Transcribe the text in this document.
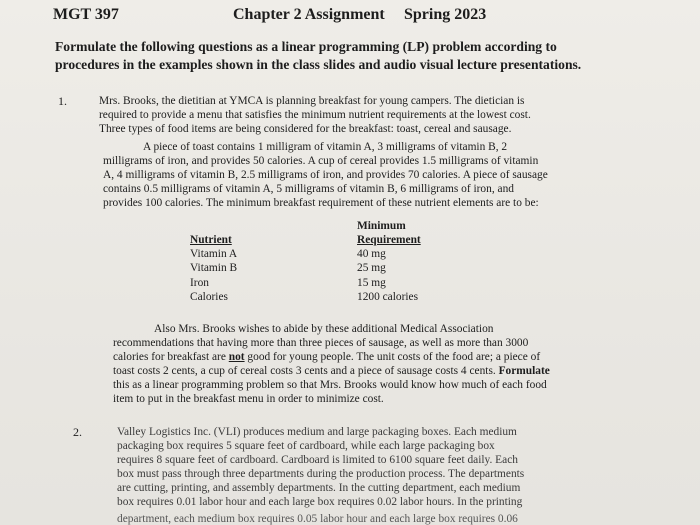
MGT 397	Chapter 2 Assignment Spring 2023
Formulate the following questions as a linear programming (LP) problem according to
procedures in the examples shown in the class slides and audio visual lecture presentations.
1.	Mrs. Brooks, the dietitian at YMCA is planning breakfast for young campers. The dietician is
required to provide a menu that satisfies the minimum nutrient requirements at the lowest cost.
Three types of food items are being considered for the breakfast: toast, cereal and sausage.
A piece of toast contains 1 milligram of vitamin A, 3 milligrams of vitamin B, 2
milligrams of iron, and provides 50 calories. A cup of cereal provides 1.5 milligrams of vitamin
A, 4 milligrams of vitamin B, 2.5 milligrams of iron, and provides 70 calories. A piece of sausage
contains 0.5 milligrams of vitamin A, 5 milligrams of vitamin B, 6 milligrams of iron, and
provides 100 calories. The minimum breakfast requirement of these nutrient elements are to be:
Minimum
Nutrient	Requirement
Vitamin A	40 mg
Vitamin B	25 mg
Iron	15 mg
Calories	1200 calories
Also Mrs. Brooks wishes to abide by these additional Medical Association
recommendations that having more than three pieces of sausage, as well as more than 3000
calories for breakfast are not good for young people. The unit costs of the food are; a piece of
toast costs 2 cents, a cup of cereal costs 3 cents and a piece of sausage costs 4 cents. Formulate
this as a linear programming problem so that Mrs. Brooks would know how much of each food
item to put in the breakfast menu in order to minimize cost.
2.	Valley Logistics Inc. (VLI) produces medium and large packaging boxes. Each medium
packaging box requires 5 square feet of cardboard, while each large packaging box
requires 8 square feet of cardboard. Cardboard is limited to 6100 square feet daily. Each
box must pass through three departments during the production process. The departments
are cutting, printing, and assembly departments. In the cutting department, each medium
box requires 0.01 labor hour and each large box requires 0.02 labor hours. In the printing
department, each medium box requires 0.05 labor hour and each large box requires 0.06
